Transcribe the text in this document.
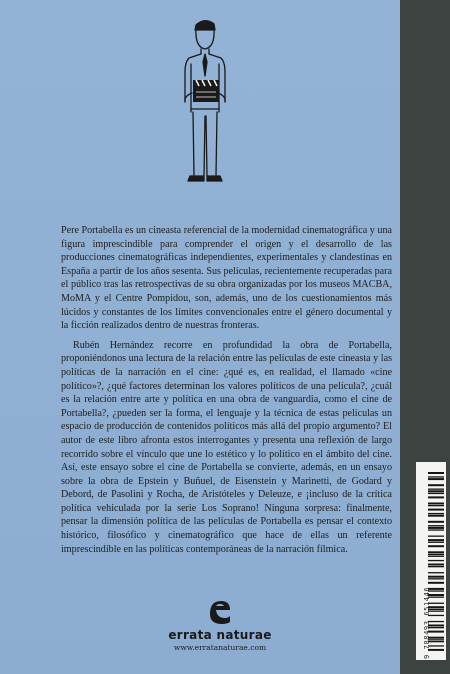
Pere Portabella es un cineasta referencial de la modernidad cinematográfica y una figura imprescindible para comprender el origen y el desarrollo de las producciones cinematográficas independientes, experimentales y clandestinas en España a partir de los años sesenta. Sus películas, recientemente recuperadas para el público tras las retrospectivas de su obra organizadas por los museos MACBA, MoMA y el Centre Pompidou, son, además, uno de los cuestionamientos más lúcidos y constantes de los límites convencionales entre el género documental y la ficción realizados dentro de nuestras fronteras.

Rubén Hernández recorre en profundidad la obra de Portabella, proponiéndonos una lectura de la relación entre las películas de este cineasta y las políticas de la narración en el cine: ¿qué es, en realidad, el llamado «cine político»?, ¿qué factores determinan los valores políticos de una película?, ¿cuál es la relación entre arte y política en una obra de vanguardia, como el cine de Portabella?, ¿pueden ser la forma, el lenguaje y la técnica de estas películas un espacio de producción de contenidos políticos más allá del propio argumento? El autor de este libro afronta estos interrogantes y presenta una reflexión de largo recorrido sobre el vínculo que une lo estético y lo político en el ámbito del cine. Así, este ensayo sobre el cine de Portabella se convierte, además, en un ensayo sobre la obra de Epstein y Buñuel, de Eisenstein y Marinetti, de Godard y Debord, de Pasolini y Rocha, de Aristóteles y Deleuze, e ¡incluso de la crítica política vehiculada por la serie Los Soprano! Ninguna sorpresa: finalmente, pensar la dimensión política de las películas de Portabella es pensar el contexto histórico, filosófico y cinematográfico que hace de ellas un referente imprescindible en las políticas contemporáneas de la narración fílmica.

errata naturae
www.erratanaturae.com	9 788493 651446
